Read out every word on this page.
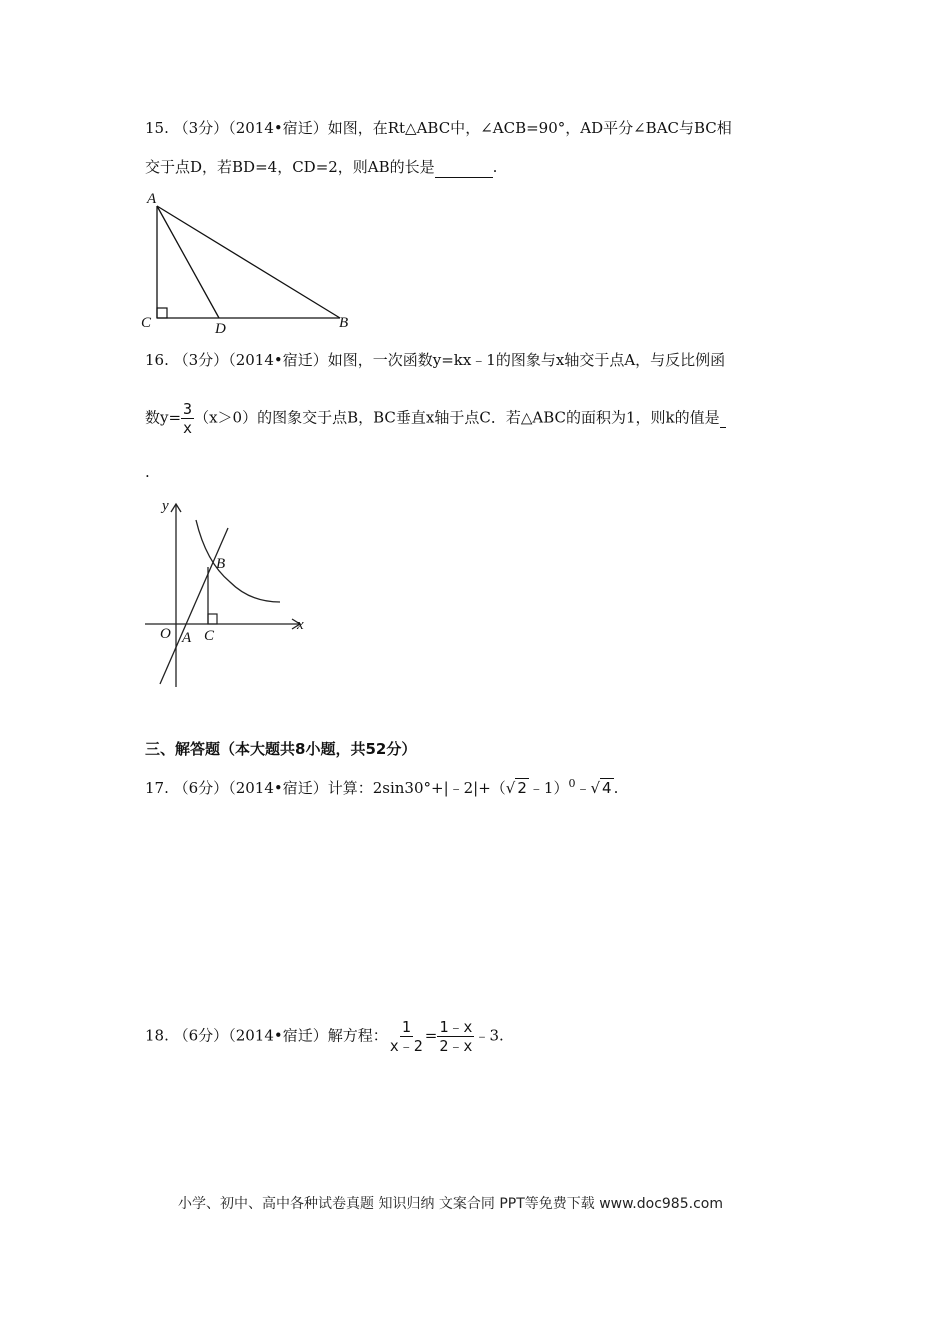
15. （3分）（2014•宿迁）如图，在Rt△ABC中，∠ACB=90°，AD平分∠BAC与BC相
交于点D，若BD=4，CD=2，则AB的长是	.
A
C	D	B
16. （3分）（2014•宿迁）如图，一次函数y=kx﹣1的图象与x轴交于点A，与反比例函
数$y= \frac{3}{x} (x>0)$的图象交于点B，BC垂直x轴于点C．若△ABC的面积为1，则k的值是
.
y
x
O A
B
C
三、解答题（本大题共8小题，共52分）
17. （6分）（2014•宿迁）计算：2sin30°+|﹣2|+（√ 2 ﹣1）$^0$﹣√ 4 .
18. （6分）（2014•宿迁）解方程： $\frac{1}{x﹣2} = \frac{1﹣x}{2﹣x}$ ﹣3.
小学、初中、高中各种试卷真题 知识归纳 文案合同 PPT等免费下载 www.doc985.com
